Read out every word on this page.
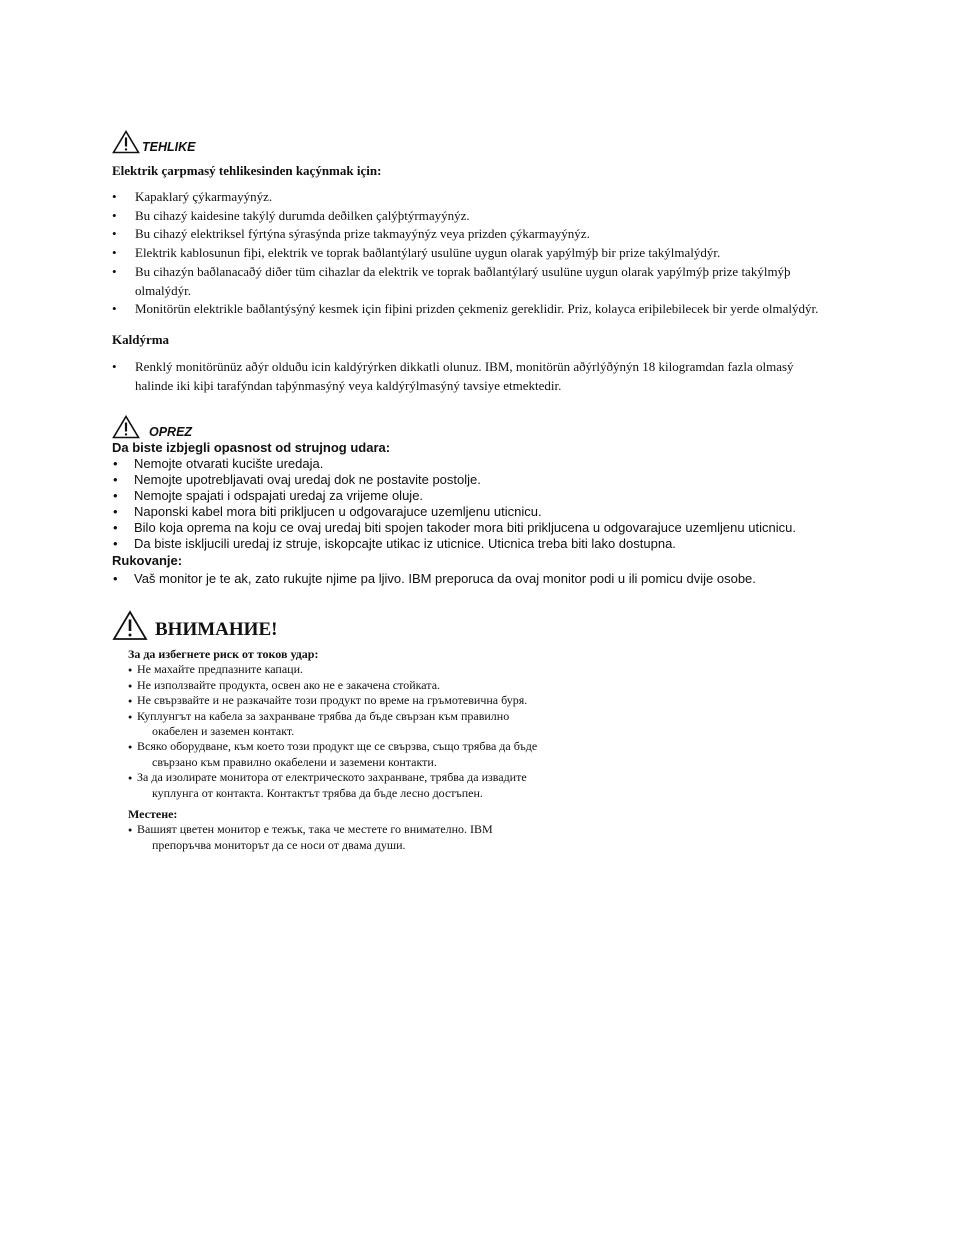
TEHLIKE
Elektrik çarpmasý tehlikesinden kaçýnmak için:
• Kapaklarý çýkarmayýnýz.
• Bu cihazý kaidesine takýlý durumda deðilken çalýþtýrmayýnýz.
• Bu cihazý elektriksel fýrtýna sýrasýnda prize takmayýnýz veya prizden çýkarmayýnýz.
• Elektrik kablosunun fiþi, elektrik ve toprak baðlantýlarý usulüne uygun olarak yapýlmýþ bir prize takýlmalýdýr.
• Bu cihazýn baðlanacaðý diðer tüm cihazlar da elektrik ve toprak baðlantýlarý usulüne uygun olarak yapýlmýþ prize takýlmýþ olmalýdýr.
• Monitörün elektrikle baðlantýsýný kesmek için fiþini prizden çekmeniz gereklidir. Priz, kolayca eriþilebilecek bir yerde olmalýdýr.
Kaldýrma
• Renklý monitörünüz aðýr olduðu icin kaldýrýrken dikkatli olunuz. IBM, monitörün aðýrlýðýnýn 18 kilogramdan fazla olmasý halinde iki kiþi tarafýndan taþýnmasýný veya kaldýrýlmasýný tavsiye etmektedir.
OPREZ
Da biste izbjegli opasnost od strujnog udara:
• Nemojte otvarati kucište uredaja.
• Nemojte upotrebljavati ovaj uredaj dok ne postavite postolje.
• Nemojte spajati i odspajati uredaj za vrijeme oluje.
• Naponski kabel mora biti prikljucen u odgovarajuce uzemljenu uticnicu.
• Bilo koja oprema na koju ce ovaj uredaj biti spojen takoder mora biti prikljucena u odgovarajuce uzemljenu uticnicu.
• Da biste iskljucili uredaj iz struje, iskopcajte utikac iz uticnice. Uticnica treba biti lako dostupna.
Rukovanje:
• Vaš monitor je te ak, zato rukujte njime pa ljivo. IBM preporuca da ovaj monitor podi u ili pomicu dvije osobe.
ВНИМАНИЕ!
За да избегнете риск от токов удар:
● Не махайте предпазните капаци.
● Не използвайте продукта, освен ако не е закачена стойката.
● Не свързвайте и не разкачайте този продукт по време на гръмотевична буря.
● Куплунгът на кабела за захранване трябва да бъде свързан към правилно окабелен и заземен контакт.
● Всяко оборудване, към което този продукт ще се свързва, също трябва да бъде свързано към правилно окабелени и заземени контакти.
● За да изолирате монитора от електрическото захранване, трябва да извадите куплунга от контакта. Контактът трябва да бъде лесно достъпен.
Местене:
● Вашият цветен монитор е тежък, така че местете го внимателно. IBM препоръчва мониторът да се носи от двама души.
